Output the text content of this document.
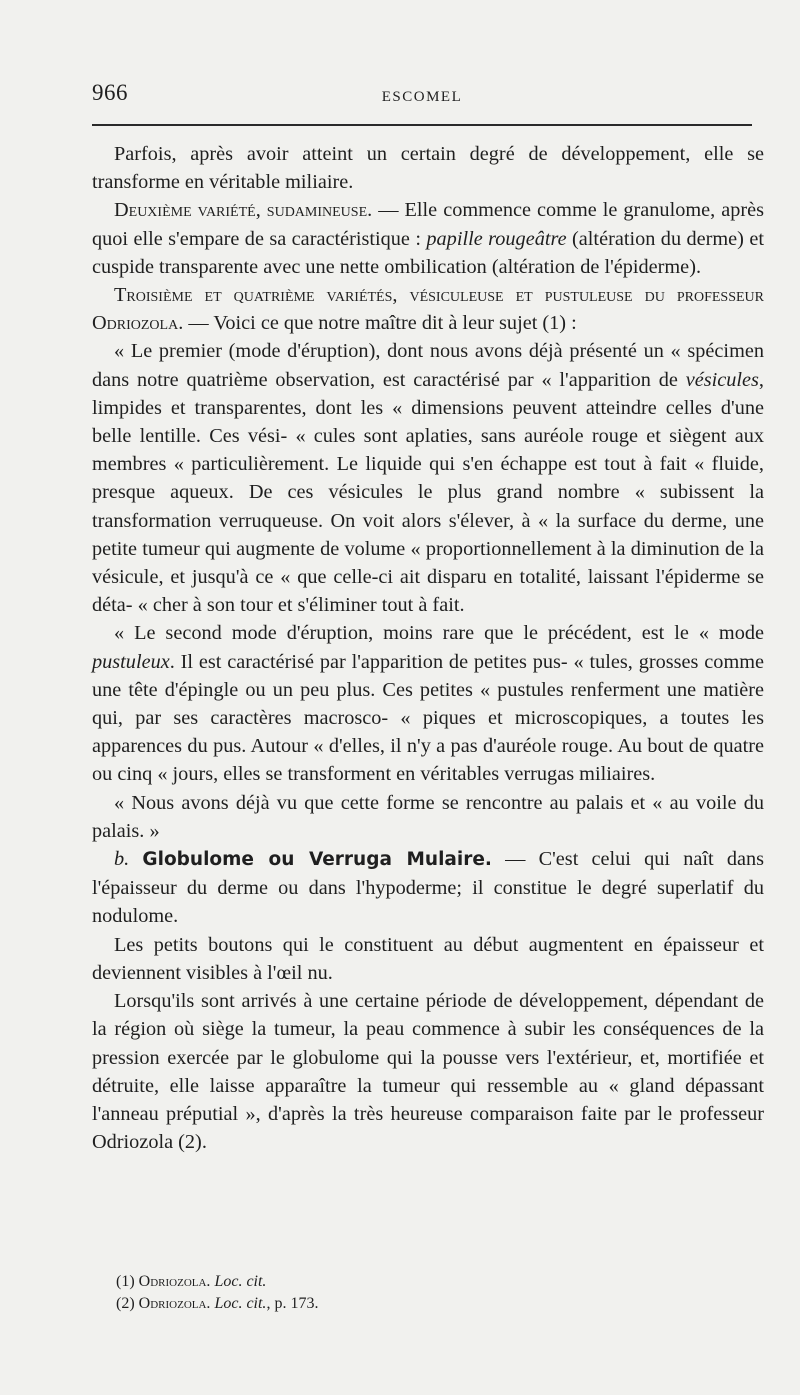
966	ESCOMEL

Parfois, après avoir atteint un certain degré de développement, elle se transforme en véritable miliaire.

Deuxième variété, sudamineuse. — Elle commence comme le granulome, après quoi elle s'empare de sa caractéristique : papille rougeâtre (altération du derme) et cuspide transparente avec une nette ombilication (altération de l'épiderme).

Troisième et quatrième variétés, vésiculeuse et pustuleuse du professeur Odriozola. — Voici ce que notre maître dit à leur sujet (1) :

« Le premier (mode d'éruption), dont nous avons déjà présenté un « spécimen dans notre quatrième observation, est caractérisé par « l'apparition de vésicules, limpides et transparentes, dont les « dimensions peuvent atteindre celles d'une belle lentille. Ces vési- « cules sont aplaties, sans auréole rouge et siègent aux membres « particulièrement. Le liquide qui s'en échappe est tout à fait « fluide, presque aqueux. De ces vésicules le plus grand nombre « subissent la transformation verruqueuse. On voit alors s'élever, à « la surface du derme, une petite tumeur qui augmente de volume « proportionnellement à la diminution de la vésicule, et jusqu'à ce « que celle-ci ait disparu en totalité, laissant l'épiderme se déta- « cher à son tour et s'éliminer tout à fait.

« Le second mode d'éruption, moins rare que le précédent, est le « mode pustuleux. Il est caractérisé par l'apparition de petites pus- « tules, grosses comme une tête d'épingle ou un peu plus. Ces petites « pustules renferment une matière qui, par ses caractères macrosco- « piques et microscopiques, a toutes les apparences du pus. Autour « d'elles, il n'y a pas d'auréole rouge. Au bout de quatre ou cinq « jours, elles se transforment en véritables verrugas miliaires.

« Nous avons déjà vu que cette forme se rencontre au palais et « au voile du palais. »

b. Globulome ou Verruga Mulaire. — C'est celui qui naît dans l'épaisseur du derme ou dans l'hypoderme; il constitue le degré superlatif du nodulome.

Les petits boutons qui le constituent au début augmentent en épaisseur et deviennent visibles à l'œil nu.

Lorsqu'ils sont arrivés à une certaine période de développement, dépendant de la région où siège la tumeur, la peau commence à subir les conséquences de la pression exercée par le globulome qui la pousse vers l'extérieur, et, mortifiée et détruite, elle laisse apparaître la tumeur qui ressemble au « gland dépassant l'anneau préputial », d'après la très heureuse comparaison faite par le professeur Odriozola (2).

(1) Odriozola. Loc. cit.

(2) Odriozola. Loc. cit., p. 173.
